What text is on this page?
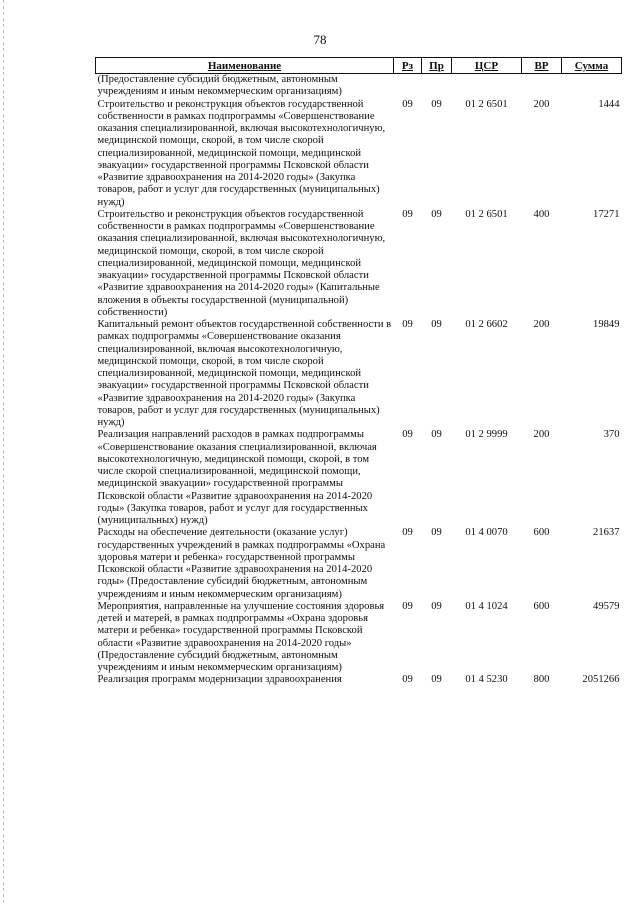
78
Наименование	Рз	Пр	ЦСР	ВР	Сумма
(Предоставление субсидий бюджетным, автономным учреждениям и иным некоммерческим организациям)					
Строительство и реконструкция объектов государственной собственности в рамках подпрограммы «Совершенствование оказания специализированной, включая высокотехнологичную, медицинской помощи, скорой, в том числе скорой специализированной, медицинской помощи, медицинской эвакуации» государственной программы Псковской области «Развитие здравоохранения на 2014-2020 годы» (Закупка товаров, работ и услуг для государственных (муниципальных) нужд)	09	09	01 2 6501	200	1444
Строительство и реконструкция объектов государственной собственности в рамках подпрограммы «Совершенствование оказания специализированной, включая высокотехнологичную, медицинской помощи, скорой, в том числе скорой специализированной, медицинской помощи, медицинской эвакуации» государственной программы Псковской области «Развитие здравоохранения на 2014-2020 годы» (Капитальные вложения в объекты государственной (муниципальной) собственности)	09	09	01 2 6501	400	17271
Капитальный ремонт объектов государственной собственности в рамках подпрограммы «Совершенствование оказания специализированной, включая высокотехнологичную, медицинской помощи, скорой, в том числе скорой специализированной, медицинской помощи, медицинской эвакуации» государственной программы Псковской области «Развитие здравоохранения на 2014-2020 годы» (Закупка товаров, работ и услуг для государственных (муниципальных) нужд)	09	09	01 2 6602	200	19849
Реализация направлений расходов в рамках подпрограммы «Совершенствование оказания специализированной, включая высокотехнологичную, медицинской помощи, скорой, в том числе скорой специализированной, медицинской помощи, медицинской эвакуации» государственной программы Псковской области «Развитие здравоохранения на 2014-2020 годы» (Закупка товаров, работ и услуг для государственных (муниципальных) нужд)	09	09	01 2 9999	200	370
Расходы на обеспечение деятельности (оказание услуг) государственных учреждений в рамках подпрограммы «Охрана здоровья матери и ребенка» государственной программы Псковской области «Развитие здравоохранения на 2014-2020 годы» (Предоставление субсидий бюджетным, автономным учреждениям и иным некоммерческим организациям)	09	09	01 4 0070	600	21637
Мероприятия, направленные на улучшение состояния здоровья детей и матерей, в рамках подпрограммы «Охрана здоровья матери и ребенка» государственной программы Псковской области «Развитие здравоохранения на 2014-2020 годы» (Предоставление субсидий бюджетным, автономным учреждениям и иным некоммерческим организациям)	09	09	01 4 1024	600	49579
Реализация программ модернизации здравоохранения	09	09	01 4 5230	800	2051266
